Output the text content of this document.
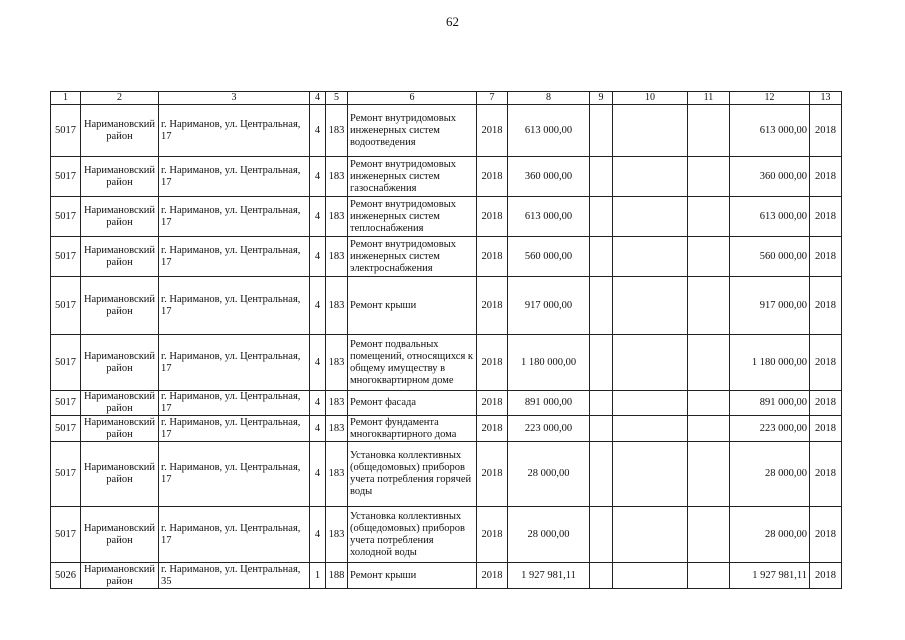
62
1	2	3	4	5	6	7	8	9	10	11	12	13
5017	Наримановский район	г. Нариманов, ул. Центральная, 17	4	183	Ремонт внутридомовых инженерных систем водоотведения	2018	613 000,00				613 000,00	2018
5017	Наримановский район	г. Нариманов, ул. Центральная, 17	4	183	Ремонт внутридомовых инженерных систем газоснабжения	2018	360 000,00				360 000,00	2018
5017	Наримановский район	г. Нариманов, ул. Центральная, 17	4	183	Ремонт внутридомовых инженерных систем теплоснабжения	2018	613 000,00				613 000,00	2018
5017	Наримановский район	г. Нариманов, ул. Центральная, 17	4	183	Ремонт внутридомовых инженерных систем электроснабжения	2018	560 000,00				560 000,00	2018
5017	Наримановский район	г. Нариманов, ул. Центральная, 17	4	183	Ремонт крыши	2018	917 000,00				917 000,00	2018
5017	Наримановский район	г. Нариманов, ул. Центральная, 17	4	183	Ремонт подвальных помещений, относящихся к общему имуществу в многоквартирном доме	2018	1 180 000,00				1 180 000,00	2018
5017	Наримановский район	г. Нариманов, ул. Центральная, 17	4	183	Ремонт фасада	2018	891 000,00				891 000,00	2018
5017	Наримановский район	г. Нариманов, ул. Центральная, 17	4	183	Ремонт фундамента многоквартирного дома	2018	223 000,00				223 000,00	2018
5017	Наримановский район	г. Нариманов, ул. Центральная, 17	4	183	Установка коллективных (общедомовых) приборов учета потребления горячей воды	2018	28 000,00				28 000,00	2018
5017	Наримановский район	г. Нариманов, ул. Центральная, 17	4	183	Установка коллективных (общедомовых) приборов учета потребления холодной воды	2018	28 000,00				28 000,00	2018
5026	Наримановский район	г. Нариманов, ул. Центральная, 35	1	188	Ремонт крыши	2018	1 927 981,11				1 927 981,11	2018
